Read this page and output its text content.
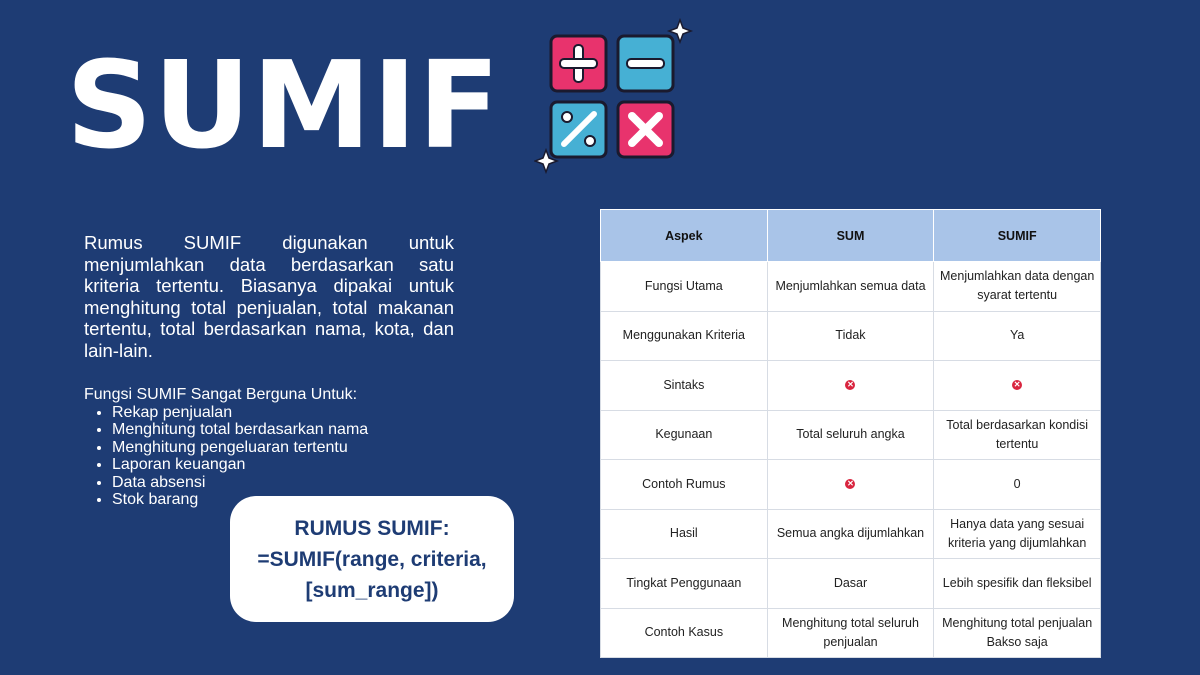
SUMIF
Rumus SUMIF digunakan untuk menjumlahkan data berdasarkan satu kriteria tertentu. Biasanya dipakai untuk menghitung total penjualan, total makanan tertentu, total berdasarkan nama, kota, dan lain-lain.
Fungsi SUMIF Sangat Berguna Untuk:
• Rekap penjualan
• Menghitung total berdasarkan nama
• Menghitung pengeluaran tertentu
• Laporan keuangan
• Data absensi
• Stok barang
RUMUS SUMIF:
=SUMIF(range, criteria,
[sum_range])
Aspek	SUM	SUMIF
Fungsi Utama	Menjumlahkan semua data	Menjumlahkan data dengan syarat tertentu
Menggunakan Kriteria	Tidak	Ya
Sintaks	✕	✕
Kegunaan	Total seluruh angka	Total berdasarkan kondisi tertentu
Contoh Rumus	✕	0
Hasil	Semua angka dijumlahkan	Hanya data yang sesuai kriteria yang dijumlahkan
Tingkat Penggunaan	Dasar	Lebih spesifik dan fleksibel
Contoh Kasus	Menghitung total seluruh penjualan	Menghitung total penjualan Bakso saja
